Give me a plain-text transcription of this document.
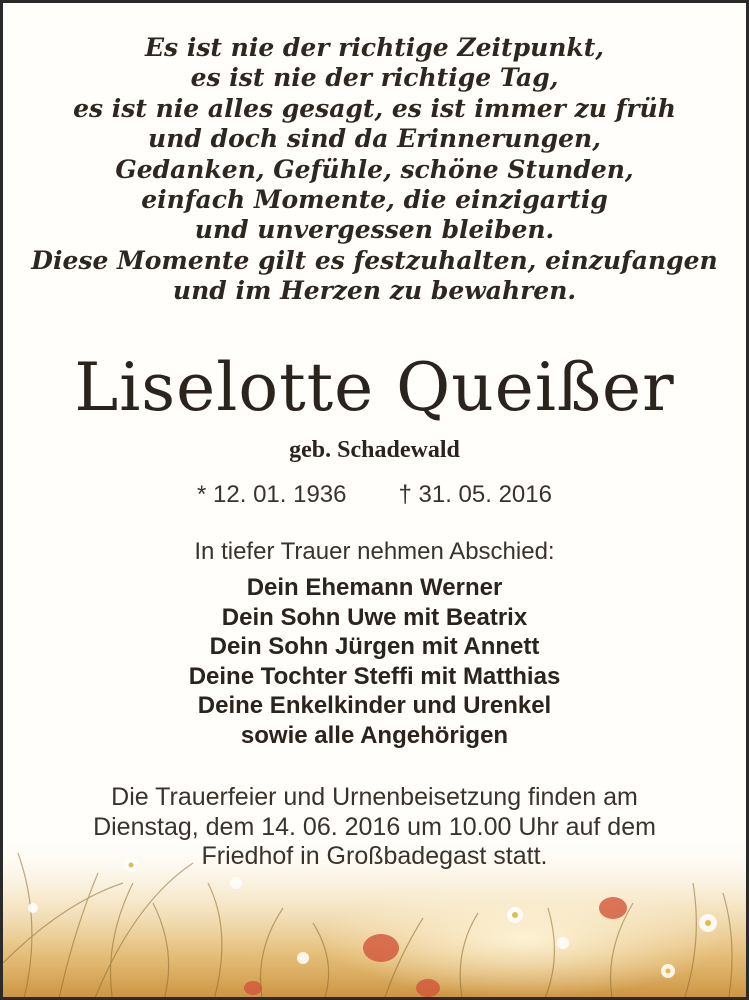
Es ist nie der richtige Zeitpunkt,
es ist nie der richtige Tag,
es ist nie alles gesagt, es ist immer zu früh
und doch sind da Erinnerungen,
Gedanken, Gefühle, schöne Stunden,
einfach Momente, die einzigartig
und unvergessen bleiben.
Diese Momente gilt es festzuhalten, einzufangen
und im Herzen zu bewahren.
Liselotte Queißer
geb. Schadewald
* 12. 01. 1936 † 31. 05. 2016
In tiefer Trauer nehmen Abschied:
Dein Ehemann Werner
Dein Sohn Uwe mit Beatrix
Dein Sohn Jürgen mit Annett
Deine Tochter Steffi mit Matthias
Deine Enkelkinder und Urenkel
sowie alle Angehörigen
Die Trauerfeier und Urnenbeisetzung finden am
Dienstag, dem 14. 06. 2016 um 10.00 Uhr auf dem
Friedhof in Großbadegast statt.
